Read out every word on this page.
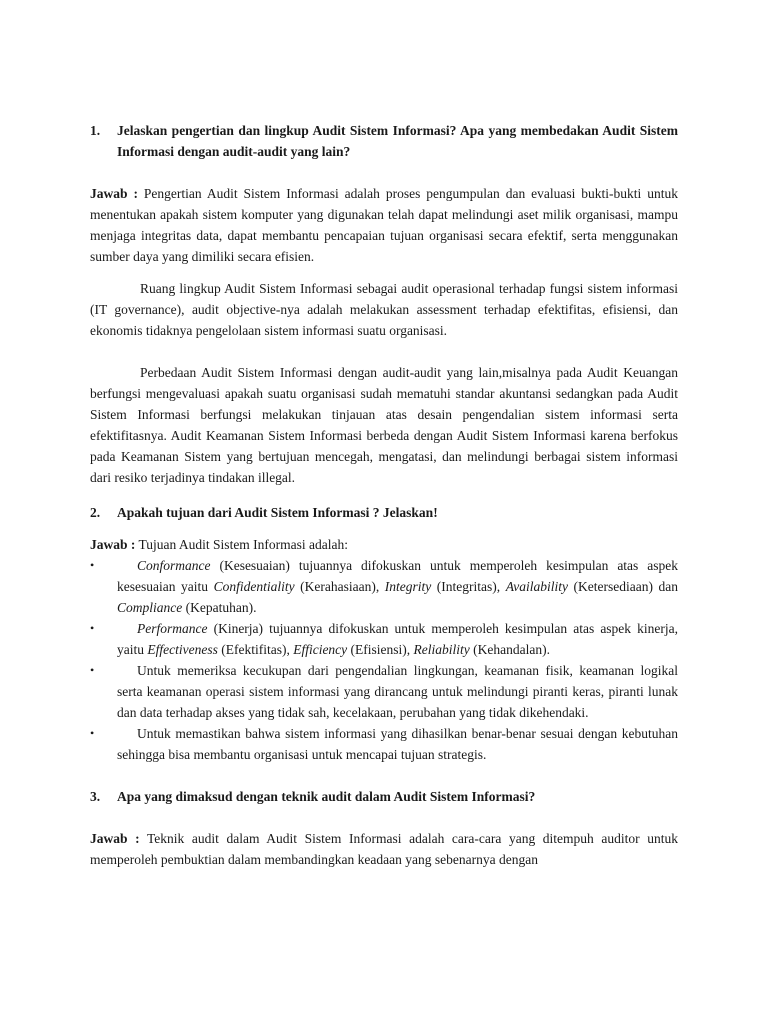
1.	Jelaskan pengertian dan lingkup Audit Sistem Informasi? Apa yang membedakan Audit Sistem Informasi dengan audit-audit yang lain?

Jawab : Pengertian Audit Sistem Informasi adalah proses pengumpulan dan evaluasi bukti-bukti untuk menentukan apakah sistem komputer yang digunakan telah dapat melindungi aset milik organisasi, mampu menjaga integritas data, dapat membantu pencapaian tujuan organisasi secara efektif, serta menggunakan sumber daya yang dimiliki secara efisien.

Ruang lingkup Audit Sistem Informasi sebagai audit operasional terhadap fungsi sistem informasi (IT governance), audit objective-nya adalah melakukan assessment terhadap efektifitas, efisiensi, dan ekonomis tidaknya pengelolaan sistem informasi suatu organisasi.

Perbedaan Audit Sistem Informasi dengan audit-audit yang lain,misalnya pada Audit Keuangan berfungsi mengevaluasi apakah suatu organisasi sudah mematuhi standar akuntansi sedangkan pada Audit Sistem Informasi berfungsi melakukan tinjauan atas desain pengendalian sistem informasi serta efektifitasnya. Audit Keamanan Sistem Informasi berbeda dengan Audit Sistem Informasi karena berfokus pada Keamanan Sistem yang bertujuan mencegah, mengatasi, dan melindungi berbagai sistem informasi dari resiko terjadinya tindakan illegal.

2.	Apakah tujuan dari Audit Sistem Informasi ? Jelaskan!

Jawab : Tujuan Audit Sistem Informasi adalah:

•	Conformance (Kesesuaian) tujuannya difokuskan untuk memperoleh kesimpulan atas aspek kesesuaian yaitu Confidentiality (Kerahasiaan), Integrity (Integritas), Availability (Ketersediaan) dan Compliance (Kepatuhan).
•	Performance (Kinerja) tujuannya difokuskan untuk memperoleh kesimpulan atas aspek kinerja, yaitu Effectiveness (Efektifitas), Efficiency (Efisiensi), Reliability (Kehandalan).
•	Untuk memeriksa kecukupan dari pengendalian lingkungan, keamanan fisik, keamanan logikal serta keamanan operasi sistem informasi yang dirancang untuk melindungi piranti keras, piranti lunak dan data terhadap akses yang tidak sah, kecelakaan, perubahan yang tidak dikehendaki.
•	Untuk memastikan bahwa sistem informasi yang dihasilkan benar-benar sesuai dengan kebutuhan sehingga bisa membantu organisasi untuk mencapai tujuan strategis.
3.	Apa yang dimaksud dengan teknik audit dalam Audit Sistem Informasi?

Jawab : Teknik audit dalam Audit Sistem Informasi adalah cara-cara yang ditempuh auditor untuk memperoleh pembuktian dalam membandingkan keadaan yang sebenarnya dengan
